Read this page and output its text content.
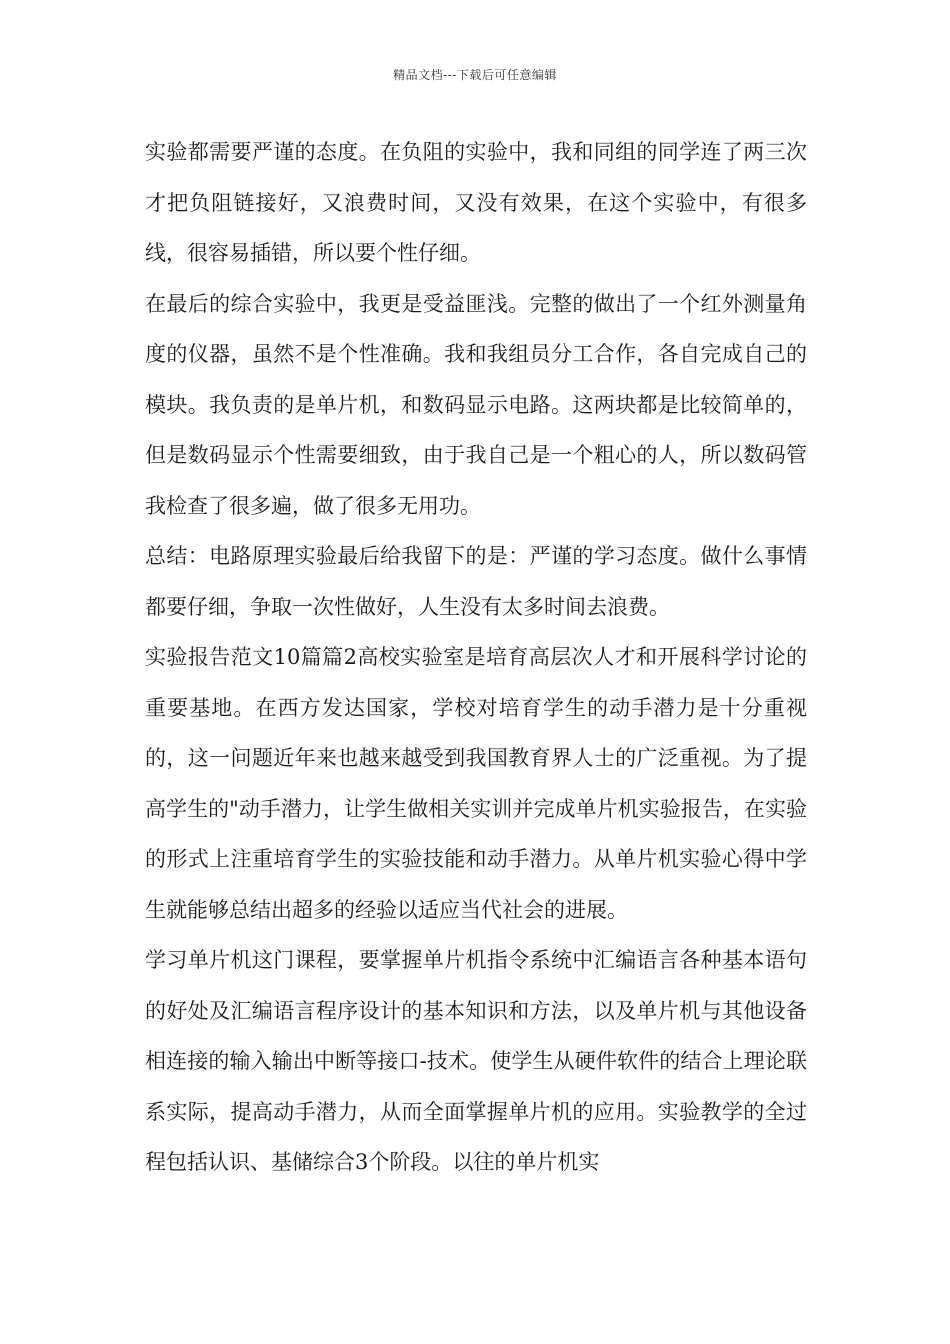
精品文档---下载后可任意编辑

实验都需要严谨的态度。在负阻的实验中，我和同组的同学连了两三次才把负阻链接好，又浪费时间，又没有效果，在这个实验中，有很多线，很容易插错，所以要个性仔细。

在最后的综合实验中，我更是受益匪浅。完整的做出了一个红外测量角度的仪器，虽然不是个性准确。我和我组员分工合作，各自完成自己的模块。我负责的是单片机，和数码显示电路。这两块都是比较简单的，但是数码显示个性需要细致，由于我自己是一个粗心的人，所以数码管我检查了很多遍，做了很多无用功。

总结：电路原理实验最后给我留下的是：严谨的学习态度。做什么事情都要仔细，争取一次性做好，人生没有太多时间去浪费。

实验报告范文10篇篇2高校实验室是培育高层次人才和开展科学讨论的重要基地。在西方发达国家，学校对培育学生的动手潜力是十分重视的，这一问题近年来也越来越受到我国教育界人士的广泛重视。为了提高学生的"动手潜力，让学生做相关实训并完成单片机实验报告，在实验的形式上注重培育学生的实验技能和动手潜力。从单片机实验心得中学生就能够总结出超多的经验以适应当代社会的进展。

学习单片机这门课程，要掌握单片机指令系统中汇编语言各种基本语句的好处及汇编语言程序设计的基本知识和方法，以及单片机与其他设备相连接的输入输出中断等接口-技术。使学生从硬件软件的结合上理论联系实际，提高动手潜力，从而全面掌握单片机的应用。实验教学的全过程包括认识、基储综合3个阶段。以往的单片机实
